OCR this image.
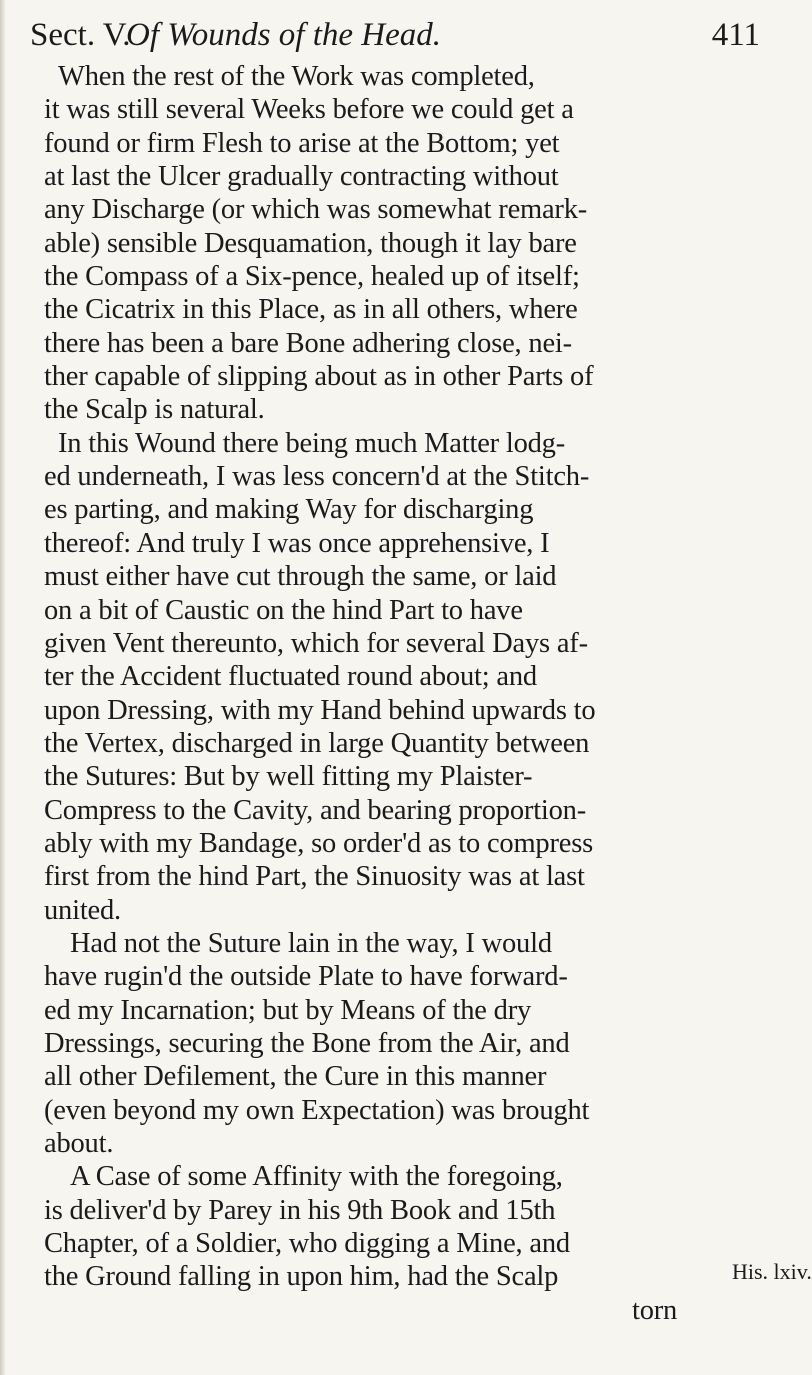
Sect. V.
Of Wounds of the Head.	411
When the rest of the Work was completed,
it was still several Weeks before we could get a
found or firm Flesh to arise at the Bottom; yet
at last the Ulcer gradually contracting without
any Discharge (or which was somewhat remark-
able) sensible Desquamation, though it lay bare
the Compass of a Six-pence, healed up of itself;
the Cicatrix in this Place, as in all others, where
there has been a bare Bone adhering close, nei-
ther capable of slipping about as in other Parts of
the Scalp is natural.
In this Wound there being much Matter lodg-
ed underneath, I was less concern'd at the Stitch-
es parting, and making Way for discharging
thereof: And truly I was once apprehensive, I
must either have cut through the same, or laid
on a bit of Caustic on the hind Part to have
given Vent thereunto, which for several Days af-
ter the Accident fluctuated round about; and
upon Dressing, with my Hand behind upwards to
the Vertex, discharged in large Quantity between
the Sutures: But by well fitting my Plaister-
Compress to the Cavity, and bearing proportion-
ably with my Bandage, so order'd as to compress
first from the hind Part, the Sinuosity was at last
united.
Had not the Suture lain in the way, I would
have rugin'd the outside Plate to have forward-
ed my Incarnation; but by Means of the dry
Dressings, securing the Bone from the Air, and
all other Defilement, the Cure in this manner
(even beyond my own Expectation) was brought
about.
A Case of some Affinity with the foregoing,
is deliver'd by Parey in his 9th Book and 15th
Chapter, of a Soldier, who digging a Mine, and
the Ground falling in upon him, had the Scalp
torn
His. lxiv.
